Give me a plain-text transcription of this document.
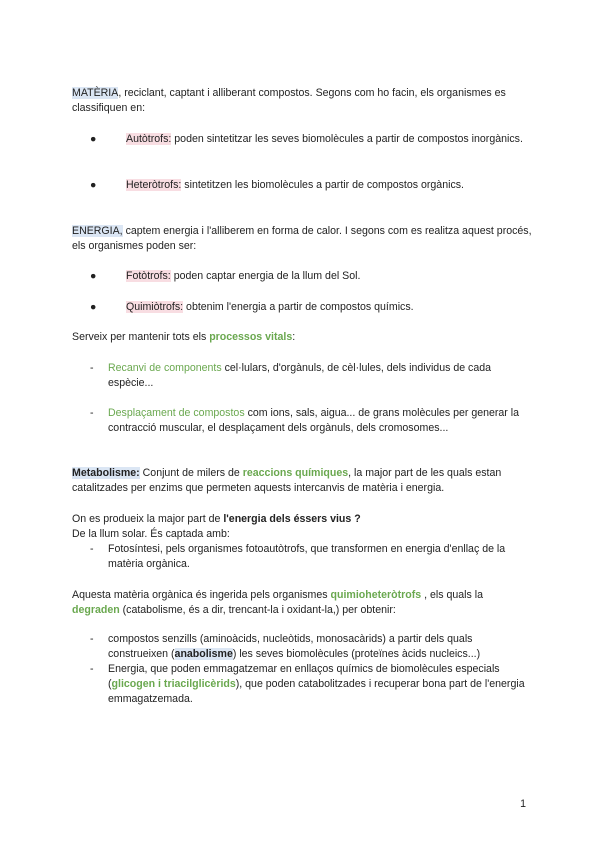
MATÈRIA, reciclant, captant i alliberant compostos. Segons com ho facin, els organismes es classifiquen en:

●	Autòtrofs: poden sintetitzar les seves biomolècules a partir de compostos inorgànics.
●	Heteròtrofs: sintetitzen les biomolècules a partir de compostos orgànics.

ENERGIA, captem energia i l'alliberem en forma de calor. I segons com es realitza aquest procés, els organismes poden ser:

●	Fotòtrofs: poden captar energia de la llum del Sol.
●	Quimiòtrofs: obtenim l'energia a partir de compostos químics.

Serveix per mantenir tots els processos vitals:

- Recanvi de components cel·lulars, d'orgànuls, de cèl·lules, dels individus de cada espècie...
- Desplaçament de compostos com ions, sals, aigua... de grans molècules per generar la contracció muscular, el desplaçament dels orgànuls, dels cromosomes...

Metabolisme: Conjunt de milers de reaccions químiques, la major part de les quals estan catalitzades per enzims que permeten aquests intercanvis de matèria i energia.

On es produeix la major part de l'energia dels éssers vius ?
De la llum solar. És captada amb:

- Fotosíntesi, pels organismes fotoautòtrofs, que transformen en energia d'enllaç de la matèria orgànica.

Aquesta matèria orgànica és ingerida pels organismes quimioheteròtrofs , els quals la degraden (catabolisme, és a dir, trencant-la i oxidant-la,) per obtenir:

- compostos senzills (aminoàcids, nucleòtids, monosacàrids) a partir dels quals construeixen (anabolisme) les seves biomolècules (proteïnes àcids nucleics...)
- Energia, que poden emmagatzemar en enllaços químics de biomolècules especials (glicogen i triacilglicèrids), que poden catabolitzades i recuperar bona part de l'energia emmagatzemada.
1
